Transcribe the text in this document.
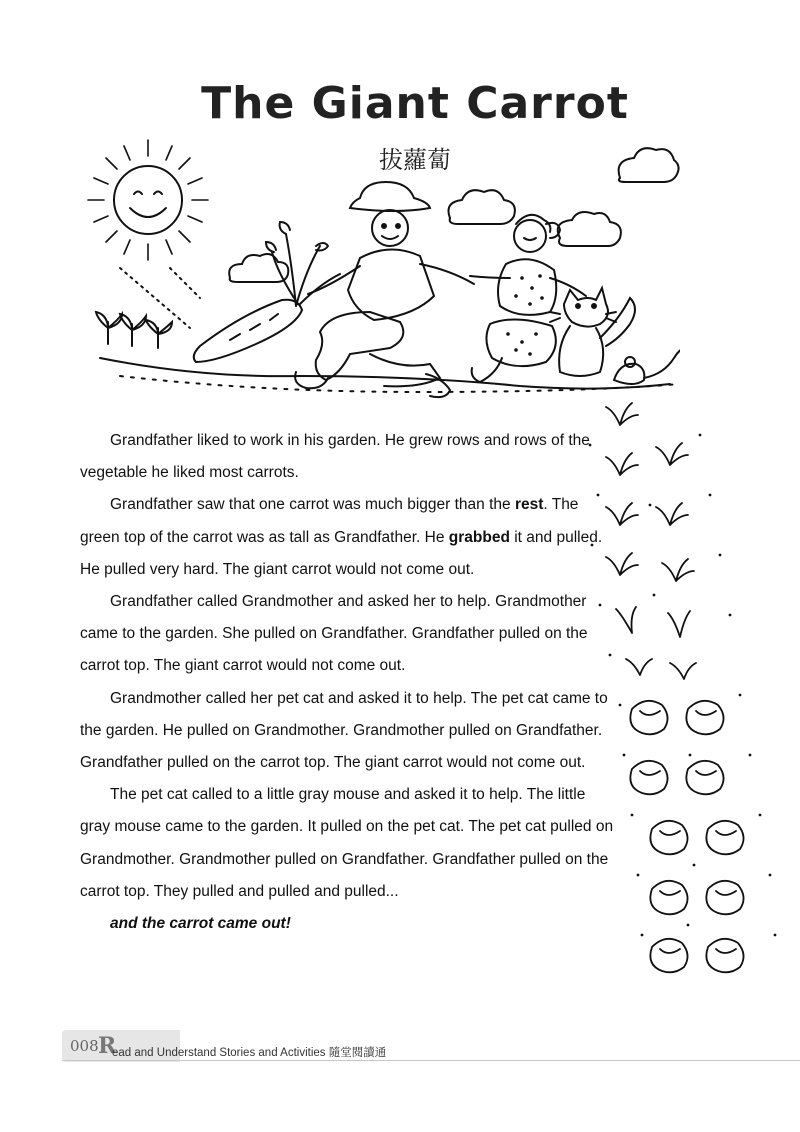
The Giant Carrot
拔蘿蔔

Grandfather liked to work in his garden. He grew rows and rows of the vegetable he liked most carrots.

Grandfather saw that one carrot was much bigger than the rest. The green top of the carrot was as tall as Grandfather. He grabbed it and pulled. He pulled very hard. The giant carrot would not come out.

Grandfather called Grandmother and asked her to help. Grandmother came to the garden. She pulled on Grandfather. Grandfather pulled on the carrot top. The giant carrot would not come out.

Grandmother called her pet cat and asked it to help. The pet cat came to the garden. He pulled on Grandmother. Grandmother pulled on Grandfather. Grandfather pulled on the carrot top. The giant carrot would not come out.

The pet cat called to a little gray mouse and asked it to help. The little gray mouse came to the garden. It pulled on the pet cat. The pet cat pulled on Grandmother. Grandmother pulled on Grandfather. Grandfather pulled on the carrot top. They pulled and pulled and pulled...

and the carrot came out!

008 R
ead and Understand Stories and Activities 隨堂閱讀通
